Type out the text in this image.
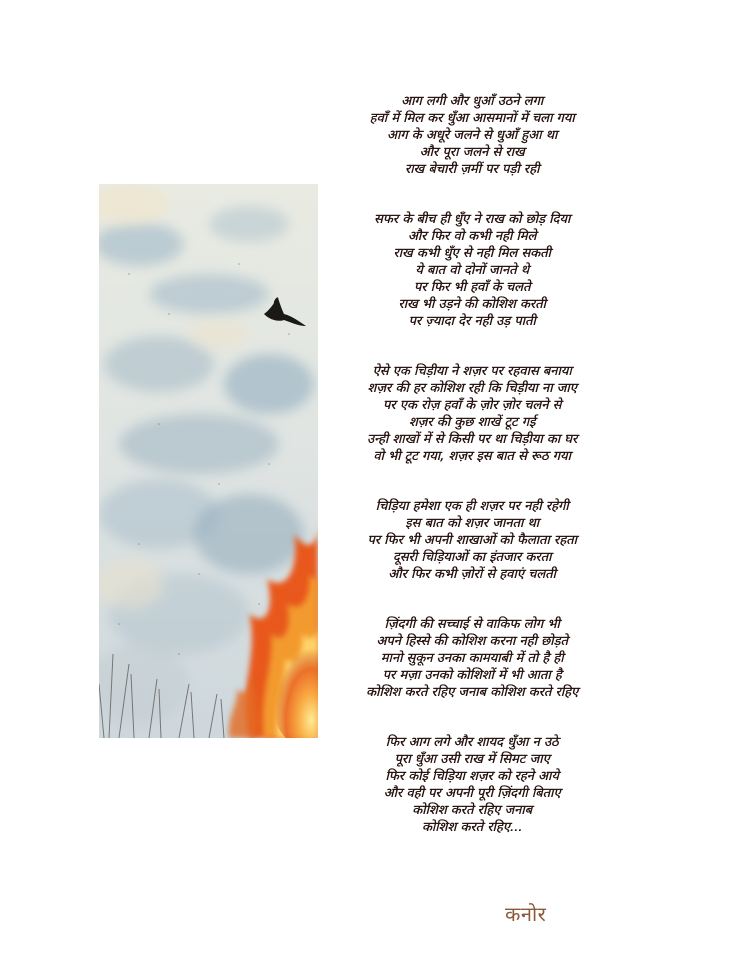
आग लगी और धुआँ उठने लगा
हवाँ में मिल कर धुँआ आसमानों में चला गया
आग के अधूरे जलने से धुआँ हुआ था
और पूरा जलने से राख
राख बेचारी ज़मीं पर पड़ी रही
सफर के बीच ही धुँए ने राख को छोड़ दिया
और फिर वो कभी नही मिले
राख कभी धुँए से नही मिल सकती
ये बात वो दोनों जानते थे
पर फिर भी हवाँ के चलते
राख भी उड़ने की कोशिश करती
पर ज़्यादा देर नही उड़ पाती
ऐसे एक चिड़ीया ने शज़र पर रहवास बनाया
शज़र की हर कोशिश रही कि चिड़ीया ना जाए
पर एक रोज़ हवाँ के ज़ोर ज़ोर चलने से
शज़र की कुछ शाखें टूट गई
उन्ही शाखों में से किसी पर था चिड़ीया का घर
वो भी टूट गया, शज़र इस बात से रूठ गया
चिड़िया हमेशा एक ही शज़र पर नही रहेगी
इस बात को शज़र जानता था
पर फिर भी अपनी शाखाओं को फैलाता रहता
दूसरी चिड़ियाओं का इंतजार करता
और फिर कभी ज़ोरों से हवाएं चलती
ज़िंदगी की सच्चाई से वाकिफ लोग भी
अपने हिस्से की कोशिश करना नही छोड़ते
मानो सुकून उनका कामयाबी में तो है ही
पर मज़ा उनको कोशिशों में भी आता है
कोशिश करते रहिए जनाब कोशिश करते रहिए
फिर आग लगे और शायद धुँआ न उठे
पूरा धुँआ उसी राख में सिमट जाए
फिर कोई चिड़िया शज़र को रहने आये
और वही पर अपनी पूरी ज़िंदगी बिताए
कोशिश करते रहिए जनाब
कोशिश करते रहिए...
कनोर
